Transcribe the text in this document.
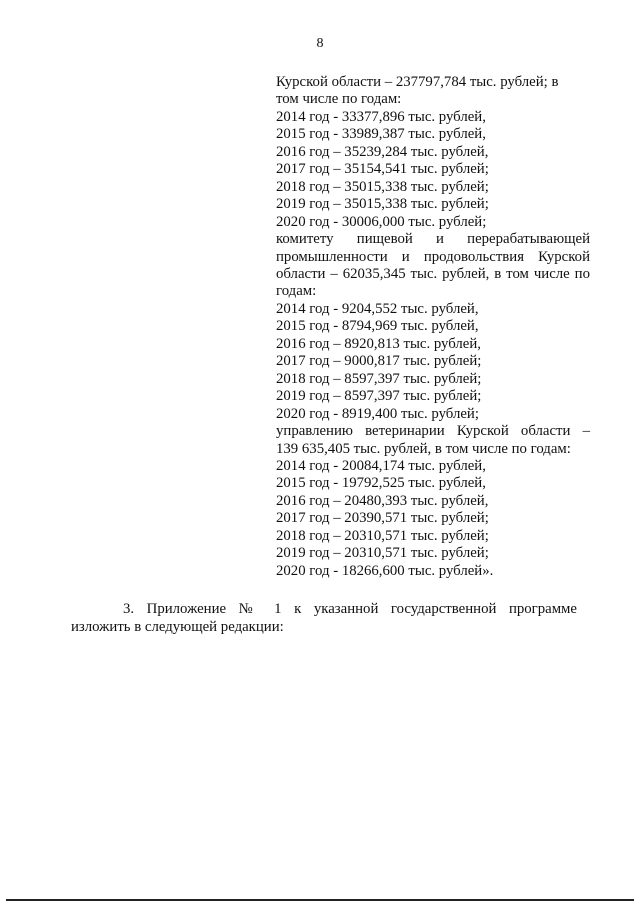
8
Курской области – 237797,784 тыс. рублей; в
том числе по годам:
2014 год - 33377,896 тыс. рублей,
2015 год - 33989,387 тыс. рублей,
2016 год – 35239,284 тыс. рублей,
2017 год – 35154,541 тыс. рублей;
2018 год – 35015,338 тыс. рублей;
2019 год – 35015,338 тыс. рублей;
2020 год - 30006,000 тыс. рублей;
комитету пищевой и перерабатывающей
промышленности и продовольствия Курской области – 62035,345 тыс. рублей, в том числе по годам:
2014 год - 9204,552 тыс. рублей,
2015 год - 8794,969 тыс. рублей,
2016 год – 8920,813 тыс. рублей,
2017 год – 9000,817 тыс. рублей;
2018 год – 8597,397 тыс. рублей;
2019 год – 8597,397 тыс. рублей;
2020 год - 8919,400 тыс. рублей;
управлению ветеринарии Курской области –
139 635,405 тыс. рублей, в том числе по годам:
2014 год - 20084,174 тыс. рублей,
2015 год - 19792,525 тыс. рублей,
2016 год – 20480,393 тыс. рублей,
2017 год – 20390,571 тыс. рублей;
2018 год – 20310,571 тыс. рублей;
2019 год – 20310,571 тыс. рублей;
2020 год - 18266,600 тыс. рублей».
3. Приложение № 1 к указанной государственной программе
изложить в следующей редакции:
